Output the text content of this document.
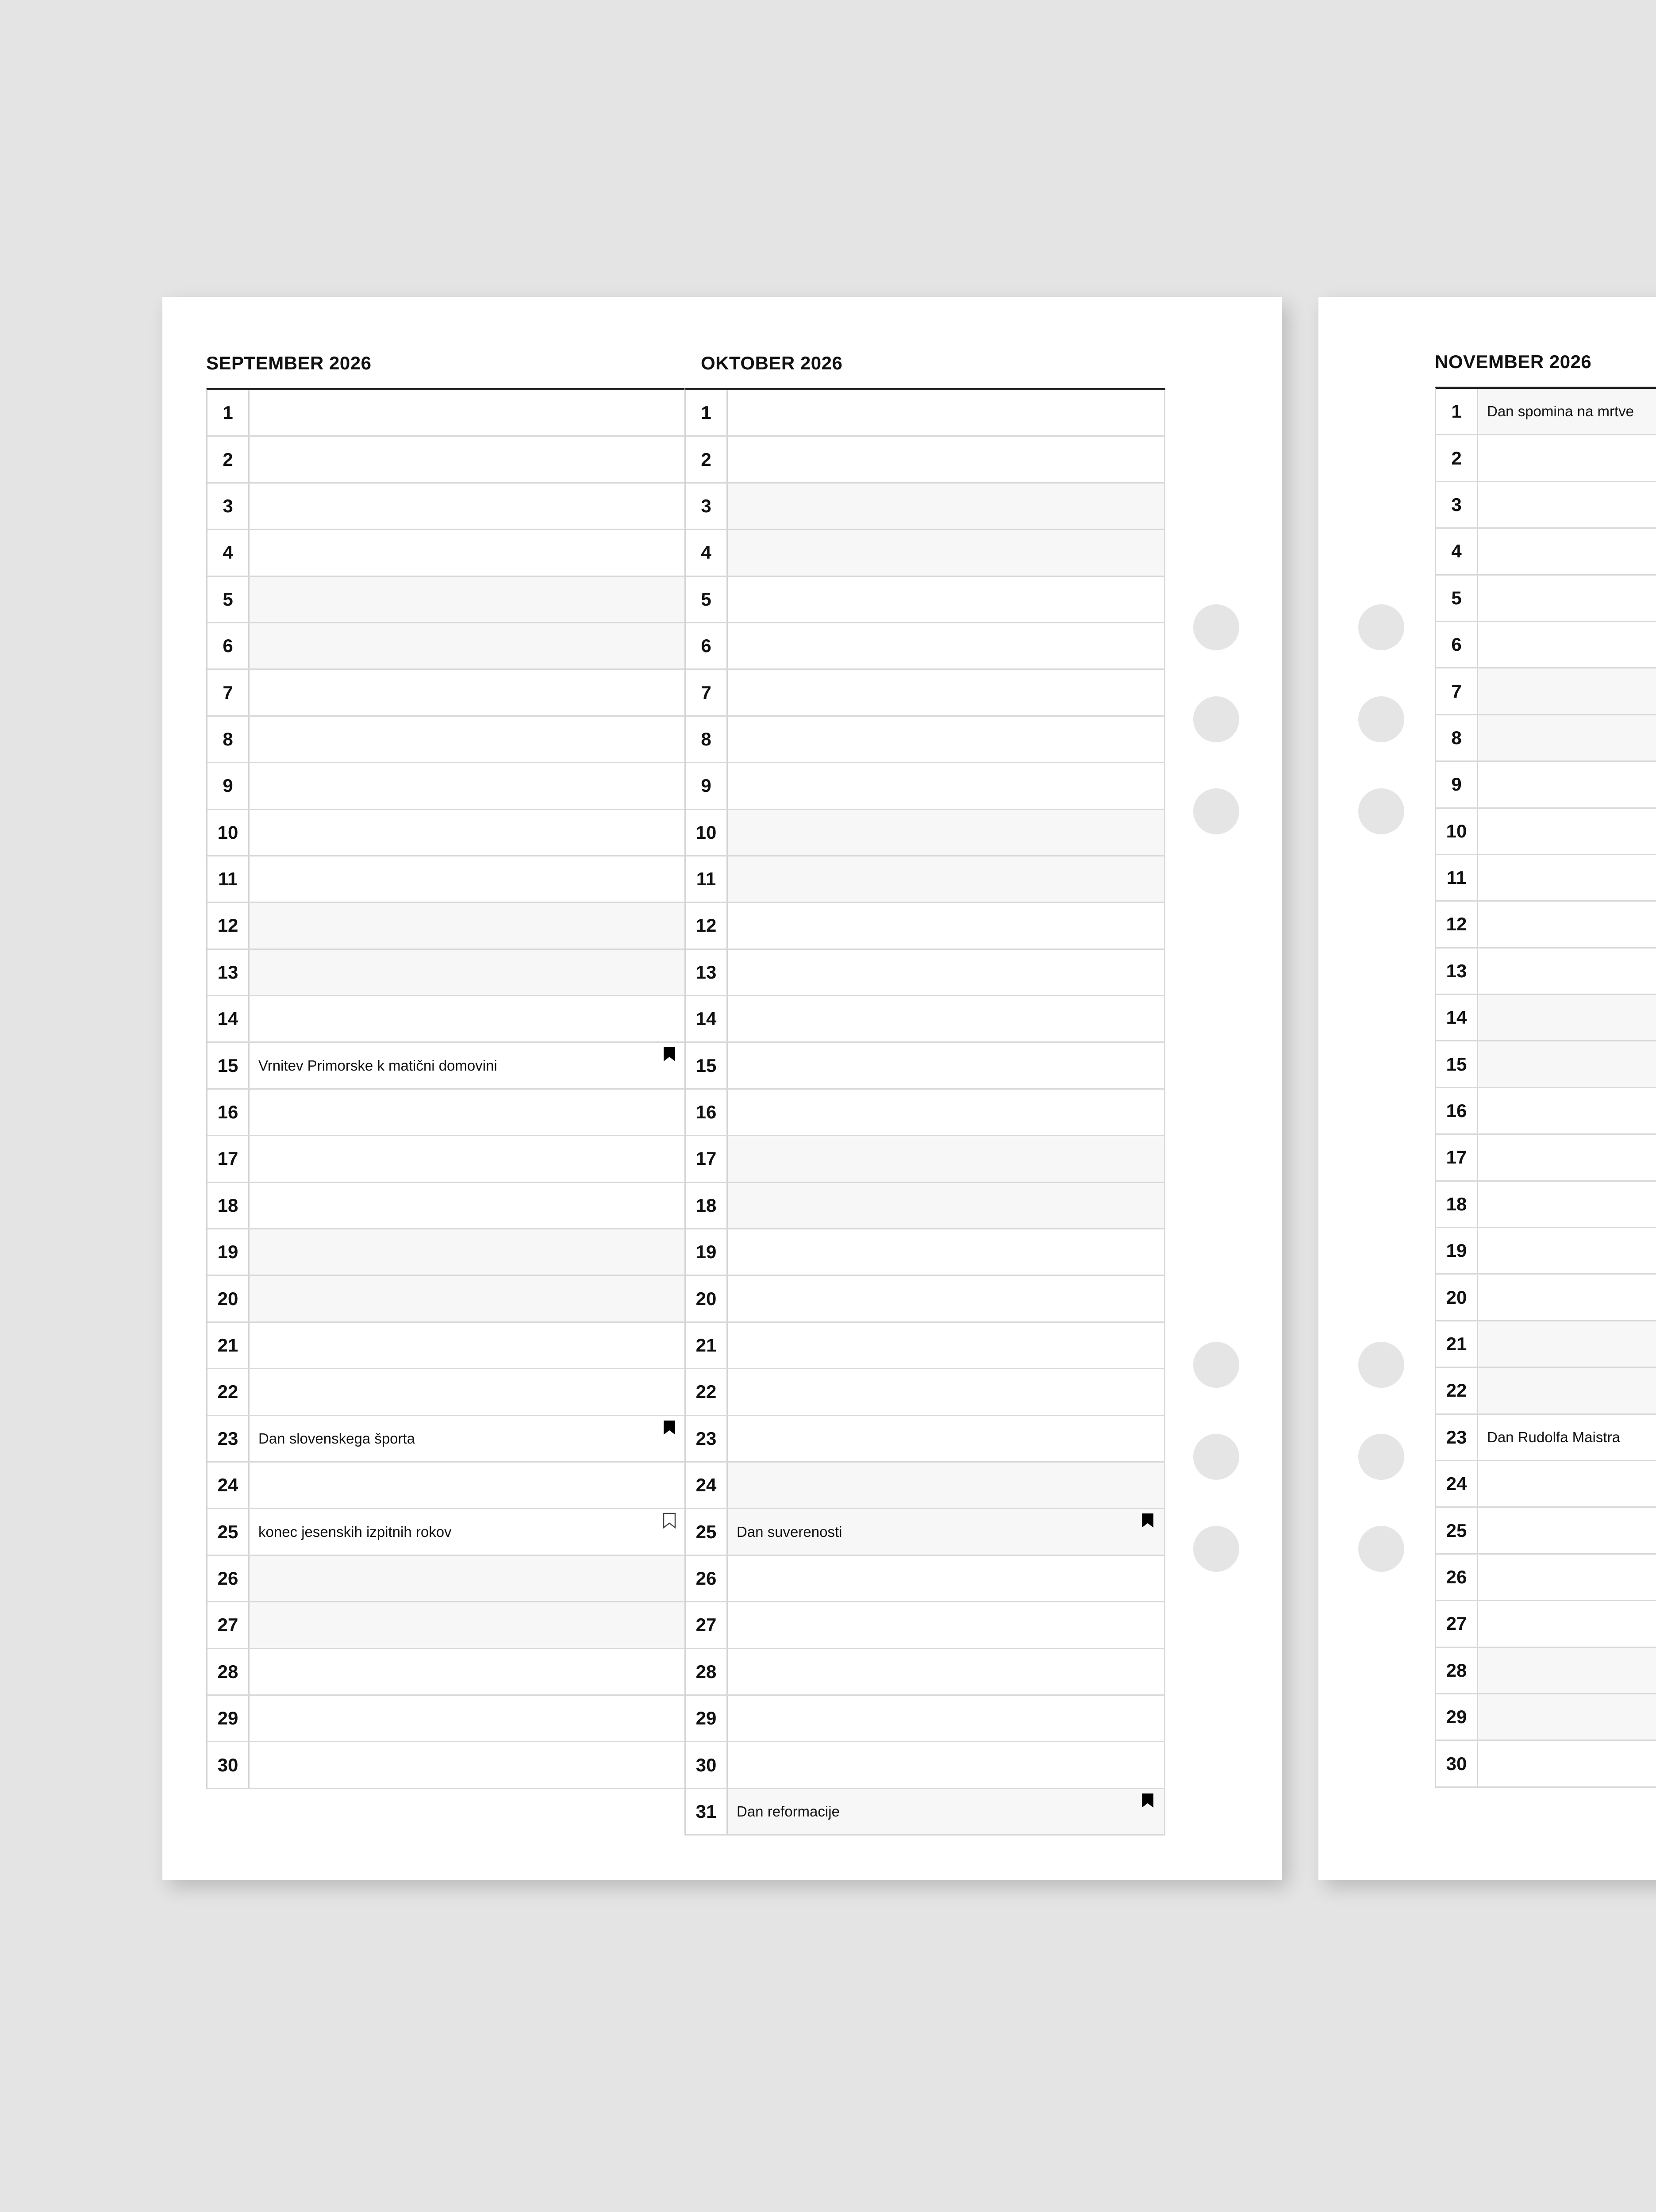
SEPTEMBER 2026
1
2
3
4
5
6
7
8
9
10
11
12
13
14
15	Vrnitev Primorske k matični domovini
16
17
18
19
20
21
22
23	Dan slovenskega športa
24
25	konec jesenskih izpitnih rokov
26
27
28
29
30
OKTOBER 2026
1
2
3
4
5
6
7
8
9
10
11
12
13
14
15
16
17
18
19
20
21
22
23
24
25	Dan suverenosti
26
27
28
29
30
31	Dan reformacije
NOVEMBER 2026
1	Dan spomina na mrtve
2
3
4
5
6
7
8
9
10
11
12
13
14
15
16
17
18
19
20
21
22
23	Dan Rudolfa Maistra
24
25
26
27
28
29
30
